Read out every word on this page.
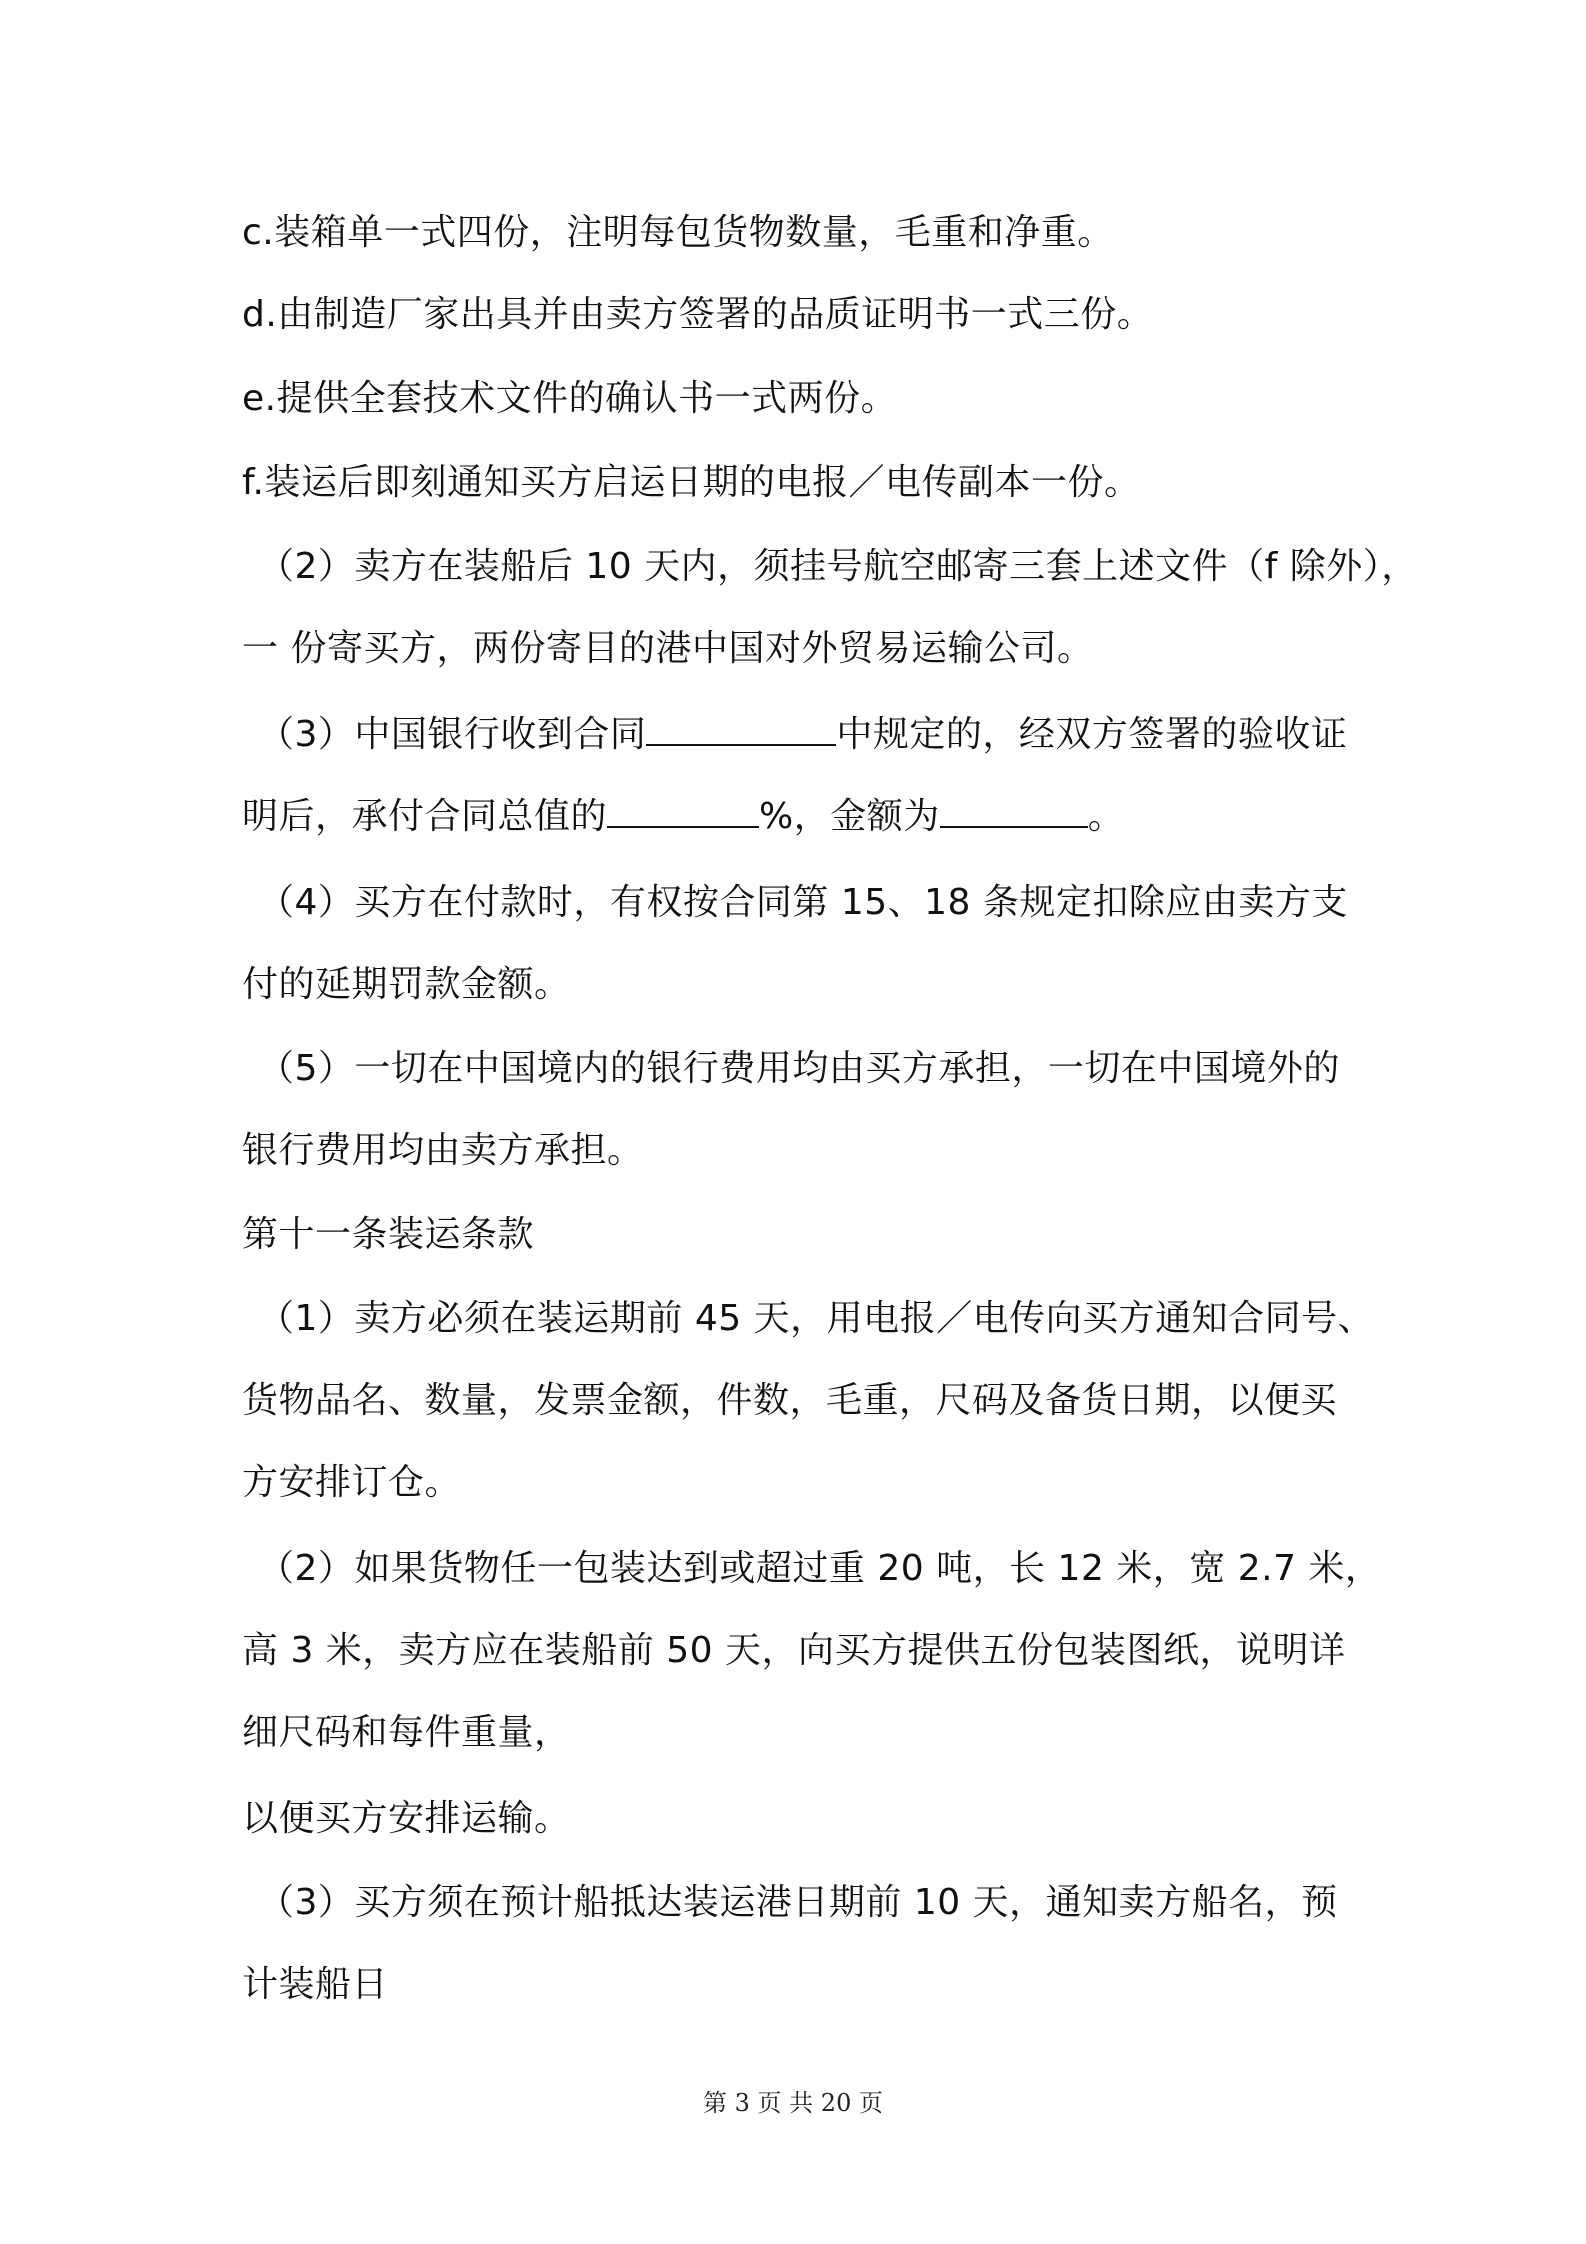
c.装箱单一式四份，注明每包货物数量，毛重和净重。
d.由制造厂家出具并由卖方签署的品质证明书一式三份。
e.提供全套技术文件的确认书一式两份。
f.装运后即刻通知买方启运日期的电报／电传副本一份。
（2）卖方在装船后 10 天内，须挂号航空邮寄三套上述文件（f 除外），
一 份寄买方，两份寄目的港中国对外贸易运输公司。
（3）中国银行收到合同	中规定的，经双方签署的验收证
明后，承付合同总值的	%，金额为	。
（4）买方在付款时，有权按合同第 15、18 条规定扣除应由卖方支
付的延期罚款金额。
（5）一切在中国境内的银行费用均由买方承担，一切在中国境外的
银行费用均由卖方承担。
第十一条装运条款
（1）卖方必须在装运期前 45 天，用电报／电传向买方通知合同号、
货物品名、数量，发票金额，件数，毛重，尺码及备货日期，以便买
方安排订仓。
（2）如果货物任一包装达到或超过重 20 吨，长 12 米，宽 2.7 米，
高 3 米，卖方应在装船前 50 天，向买方提供五份包装图纸，说明详
细尺码和每件重量，
以便买方安排运输。
（3）买方须在预计船抵达装运港日期前 10 天，通知卖方船名，预
计装船日
第 3 页 共 20 页
